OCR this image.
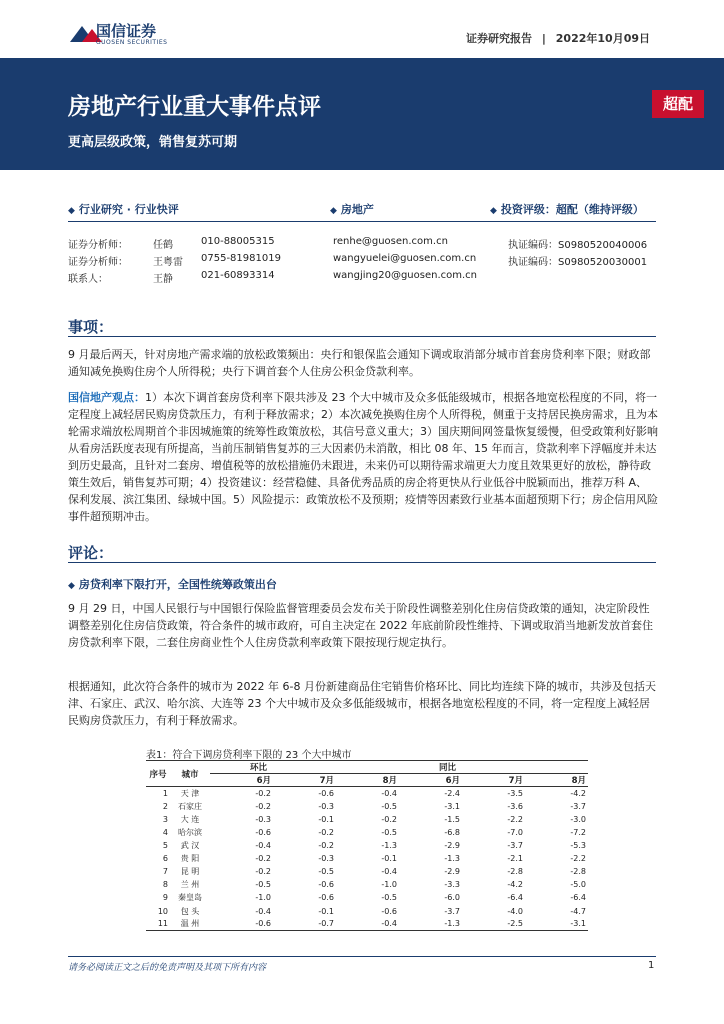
国信证券
GUOSEN SECURITIES	证券研究报告 | 2022年10月09日
房地产行业重大事件点评
更高层级政策，销售复苏可期
超配
◆ 行业研究 · 行业快评	◆ 房地产	◆ 投资评级：超配（维持评级）
证券分析师：	任鹤	010-88005315	renhe@guosen.com.cn	执证编码：S0980520040006
证券分析师：	王粤雷 0755-81981019	wangyuelei@guosen.com.cn	执证编码：S0980520030001
联系人：	王静	021-60893314	wangjing20@guosen.com.cn
事项：
9 月最后两天，针对房地产需求端的放松政策频出：央行和银保监会通知下调或取消部分城市首套房贷利率下限；财政部通知减免换购住房个人所得税；央行下调首套个人住房公积金贷款利率。
国信地产观点：1）本次下调首套房贷利率下限共涉及 23 个大中城市及众多低能级城市，根据各地宽松程度的不同，将一定程度上减轻居民购房贷款压力，有利于释放需求；2）本次减免换购住房个人所得税，侧重于支持居民换房需求，且为本轮需求端放松周期首个非因城施策的统筹性政策放松，其信号意义重大；3）国庆期间网签量恢复缓慢，但受政策利好影响从看房活跃度表现有所提高，当前压制销售复苏的三大因素仍未消散，相比 08 年、15 年而言，贷款利率下浮幅度并未达到历史最高，且针对二套房、增值税等的放松措施仍未跟进，未来仍可以期待需求端更大力度且效果更好的放松，静待政策生效后，销售复苏可期；4）投资建议：经营稳健、具备优秀品质的房企将更快从行业低谷中脱颖而出，推荐万科 A、保利发展、滨江集团、绿城中国。5）风险提示：政策放松不及预期；疫情等因素致行业基本面超预期下行；房企信用风险事件超预期冲击。
评论：
◆ 房贷利率下限打开，全国性统筹政策出台
9 月 29 日，中国人民银行与中国银行保险监督管理委员会发布关于阶段性调整差别化住房信贷政策的通知，决定阶段性调整差别化住房信贷政策，符合条件的城市政府，可自主决定在 2022 年底前阶段性维持、下调或取消当地新发放首套住房贷款利率下限，二套住房商业性个人住房贷款利率政策下限按现行规定执行。
根据通知，此次符合条件的城市为 2022 年 6-8 月份新建商品住宅销售价格环比、同比均连续下降的城市，共涉及包括天津、石家庄、武汉、哈尔滨、大连等 23 个大中城市及众多低能级城市，根据各地宽松程度的不同，将一定程度上减轻居民购房贷款压力，有利于释放需求。
表1：符合下调房贷利率下限的 23 个大中城市
序号	城市	环比			同比		
		6月	7月	8月	6月	7月	8月
1	天 津	-0.2	-0.6	-0.4	-2.4	-3.5	-4.2
2	石家庄	-0.2	-0.3	-0.5	-3.1	-3.6	-3.7
3	大 连	-0.3	-0.1	-0.2	-1.5	-2.2	-3.0
4	哈尔滨	-0.6	-0.2	-0.5	-6.8	-7.0	-7.2
5	武 汉	-0.4	-0.2	-1.3	-2.9	-3.7	-5.3
6	贵 阳	-0.2	-0.3	-0.1	-1.3	-2.1	-2.2
7	昆 明	-0.2	-0.5	-0.4	-2.9	-2.8	-2.8
8	兰 州	-0.5	-0.6	-1.0	-3.3	-4.2	-5.0
9	秦皇岛	-1.0	-0.6	-0.5	-6.0	-6.4	-6.4
10	包 头	-0.4	-0.1	-0.6	-3.7	-4.0	-4.7
11	温 州	-0.6	-0.7	-0.4	-1.3	-2.5	-3.1
请务必阅读正文之后的免责声明及其项下所有内容	1
